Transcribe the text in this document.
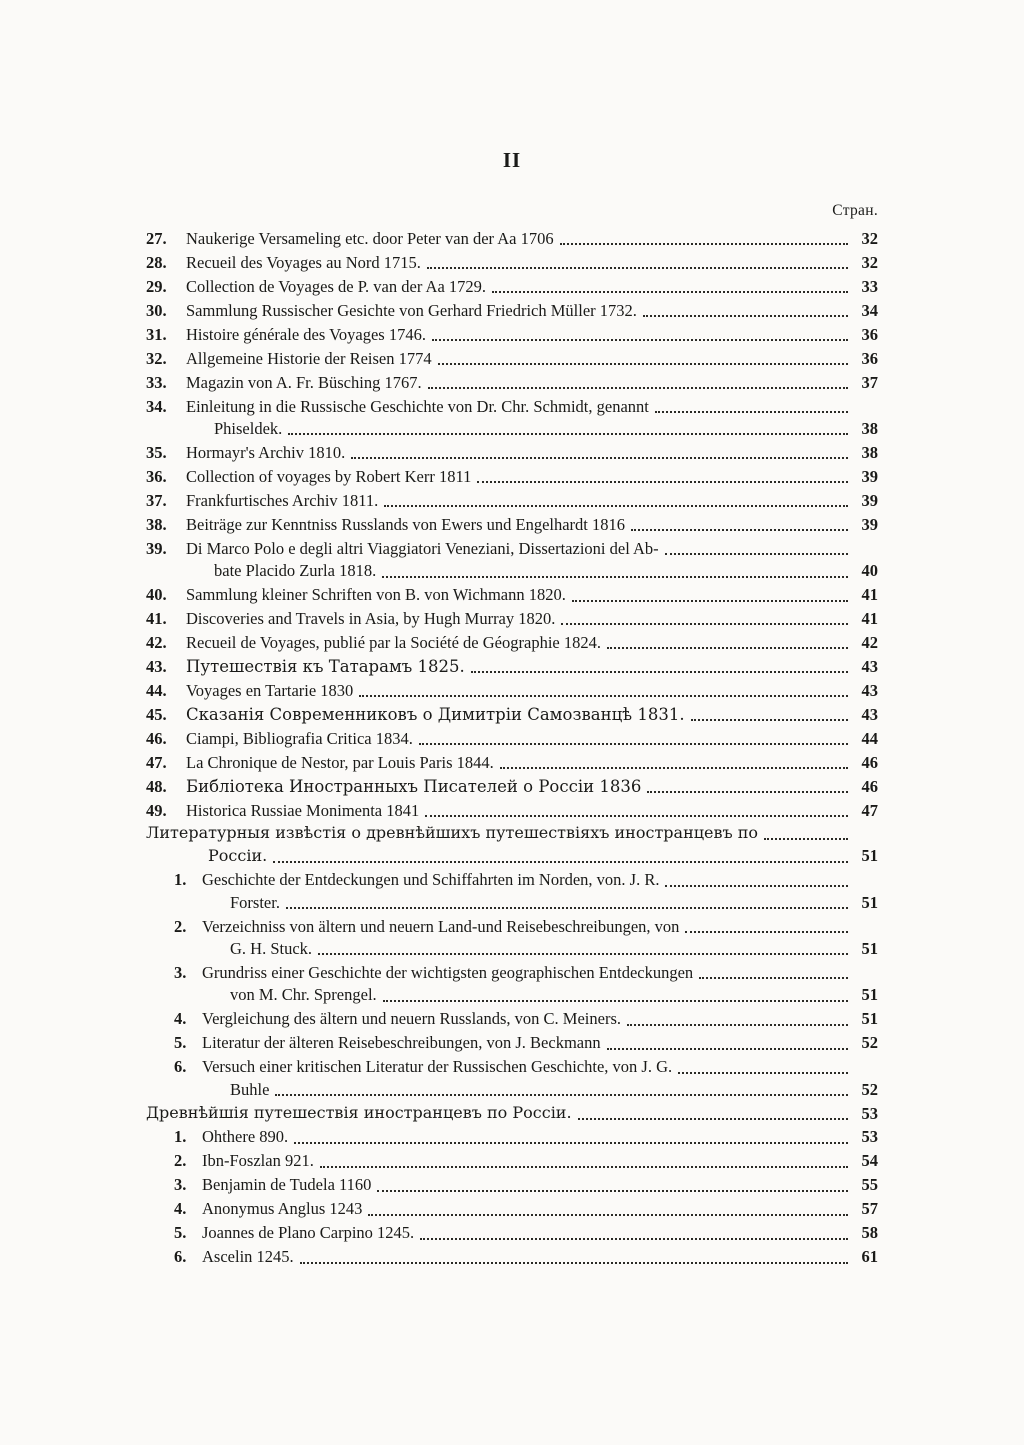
II
Стран.
27.	Naukerige Versameling etc. door Peter van der Aa 1706	32
28.	Recueil des Voyages au Nord 1715.	32
29.	Collection de Voyages de P. van der Aa 1729.	33
30.	Sammlung Russischer Gesichte von Gerhard Friedrich Müller 1732.	34
31.	Histoire générale des Voyages 1746.	36
32.	Allgemeine Historie der Reisen 1774	36
33.	Magazin von A. Fr. Büsching 1767.	37
34.	Einleitung in die Russische Geschichte von Dr. Chr. Schmidt, genannt
Phiseldek.	38
35.	Hormayr's Archiv 1810.	38
36.	Collection of voyages by Robert Kerr 1811	39
37.	Frankfurtisches Archiv 1811.	39
38.	Beiträge zur Kenntniss Russlands von Ewers und Engelhardt 1816	39
39.	Di Marco Polo e degli altri Viaggiatori Veneziani, Dissertazioni del Ab-
bate Placido Zurla 1818.	40
40.	Sammlung kleiner Schriften von B. von Wichmann 1820.	41
41.	Discoveries and Travels in Asia, by Hugh Murray 1820.	41
42.	Recueil de Voyages, publié par la Société de Géographie 1824.	42
43.	Путешествія къ Татарамъ 1825.	43
44.	Voyages en Tartarie 1830	43
45.	Сказанія Современниковъ о Димитріи Самозванцѣ 1831.	43
46.	Ciampi, Bibliografia Critica 1834.	44
47.	La Chronique de Nestor, par Louis Paris 1844.	46
48.	Библіотека Иностранныхъ Писателей о Россіи 1836	46
49.	Historica Russiae Monimenta 1841	47
Литературныя извѣстія о древнѣйшихъ путешествіяхъ иностранцевъ по
Россіи.	51
1. Geschichte der Entdeckungen und Schiffahrten im Norden, von. J. R.
Forster.	51
2. Verzeichniss von ältern und neuern Land-und Reisebeschreibungen, von
G. H. Stuck.	51
3. Grundriss einer Geschichte der wichtigsten geographischen Entdeckungen
von M. Chr. Sprengel.	51
4. Vergleichung des ältern und neuern Russlands, von C. Meiners.	51
5. Literatur der älteren Reisebeschreibungen, von J. Beckmann	52
6. Versuch einer kritischen Literatur der Russischen Geschichte, von J. G.
Buhle	52
Древнѣйшія путешествія иностранцевъ по Россіи.	53
1. Ohthere 890.	53
2. Ibn-Foszlan 921.	54
3. Benjamin de Tudela 1160	55
4. Anonymus Anglus 1243	57
5. Joannes de Plano Carpino 1245.	58
6. Ascelin 1245.	61
